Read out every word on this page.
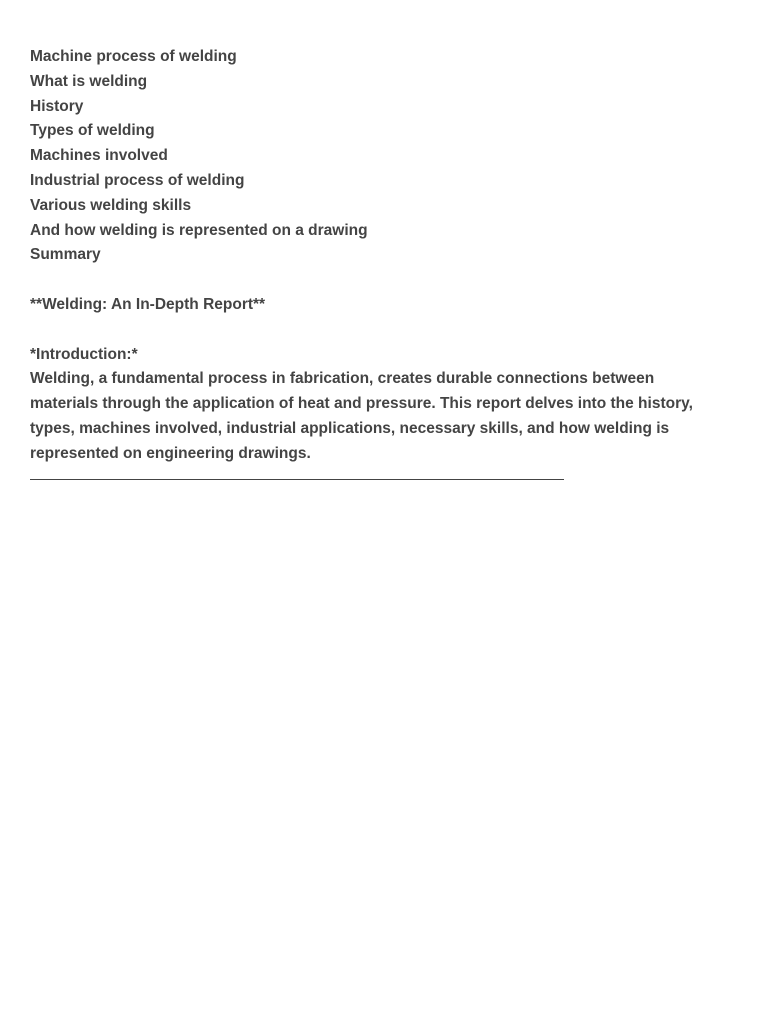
Machine process of welding
What is welding
History
Types of welding
Machines involved
Industrial process of welding
Various welding skills
And how welding is represented on a drawing
Summary
**Welding: An In-Depth Report**
*Introduction:*
Welding, a fundamental process in fabrication, creates durable connections between materials through the application of heat and pressure. This report delves into the history, types, machines involved, industrial applications, necessary skills, and how welding is represented on engineering drawings.
